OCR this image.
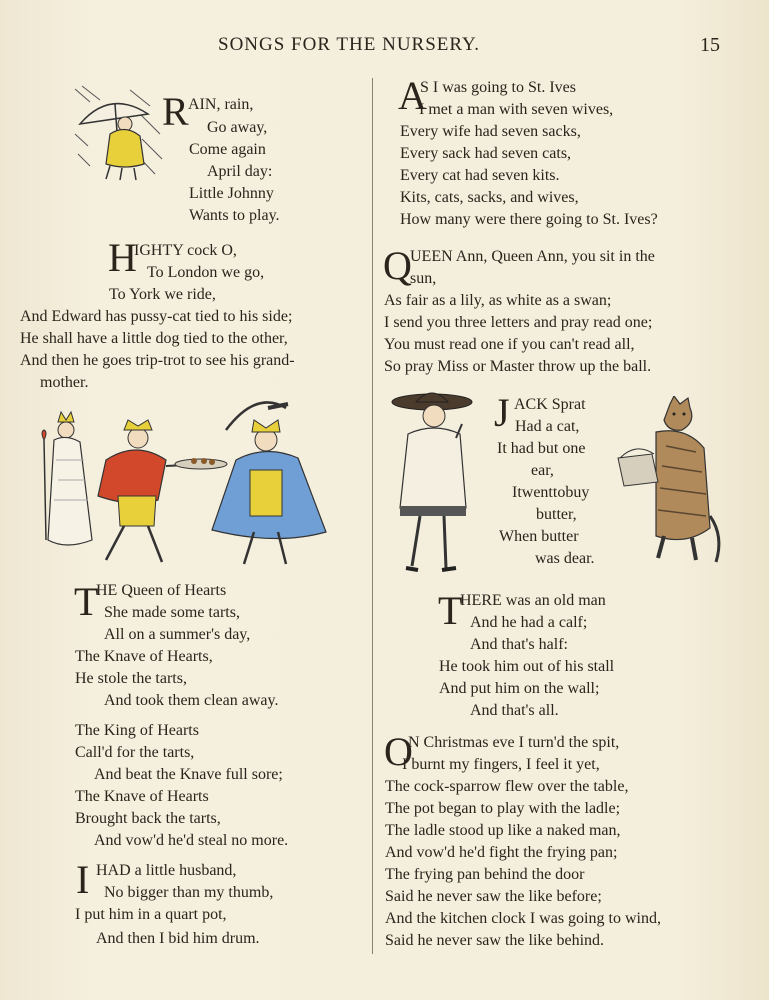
SONGS FOR THE NURSERY.	15
R AIN, rain,
Go away,
Come again
April day:
Little Johnny
Wants to play.
H
IGHTY cock O,
To London we go,
To York we ride,
And Edward has pussy-cat tied to his side;
He shall have a little dog tied to the other,
And then he goes trip-trot to see his grand-
mother.
T
HE Queen of Hearts
She made some tarts,
All on a summer's day,
The Knave of Hearts,
He stole the tarts,
And took them clean away.
The King of Hearts
Call'd for the tarts,
And beat the Knave full sore;
The Knave of Hearts
Brought back the tarts,
And vow'd he'd steal no more.
I HAD a little husband,
No bigger than my thumb,
I put him in a quart pot,
And then I bid him drum.
A
S I was going to St. Ives
I met a man with seven wives,
Every wife had seven sacks,
Every sack had seven cats,
Every cat had seven kits.
Kits, cats, sacks, and wives,
How many were there going to St. Ives?
Q
UEEN Ann, Queen Ann, you sit in the
sun,
As fair as a lily, as white as a swan;
I send you three letters and pray read one;
You must read one if you can't read all,
So pray Miss or Master throw up the ball.
J ACK Sprat
Had a cat,
It had but one
ear,
Itwenttobuy
butter,
When butter
was dear.
T
HERE was an old man
And he had a calf;
And that's half:
He took him out of his stall
And put him on the wall;
And that's all.
O
N Christmas eve I turn'd the spit,
I burnt my fingers, I feel it yet,
The cock-sparrow flew over the table,
The pot began to play with the ladle;
The ladle stood up like a naked man,
And vow'd he'd fight the frying pan;
The frying pan behind the door
Said he never saw the like before;
And the kitchen clock I was going to wind,
Said he never saw the like behind.
